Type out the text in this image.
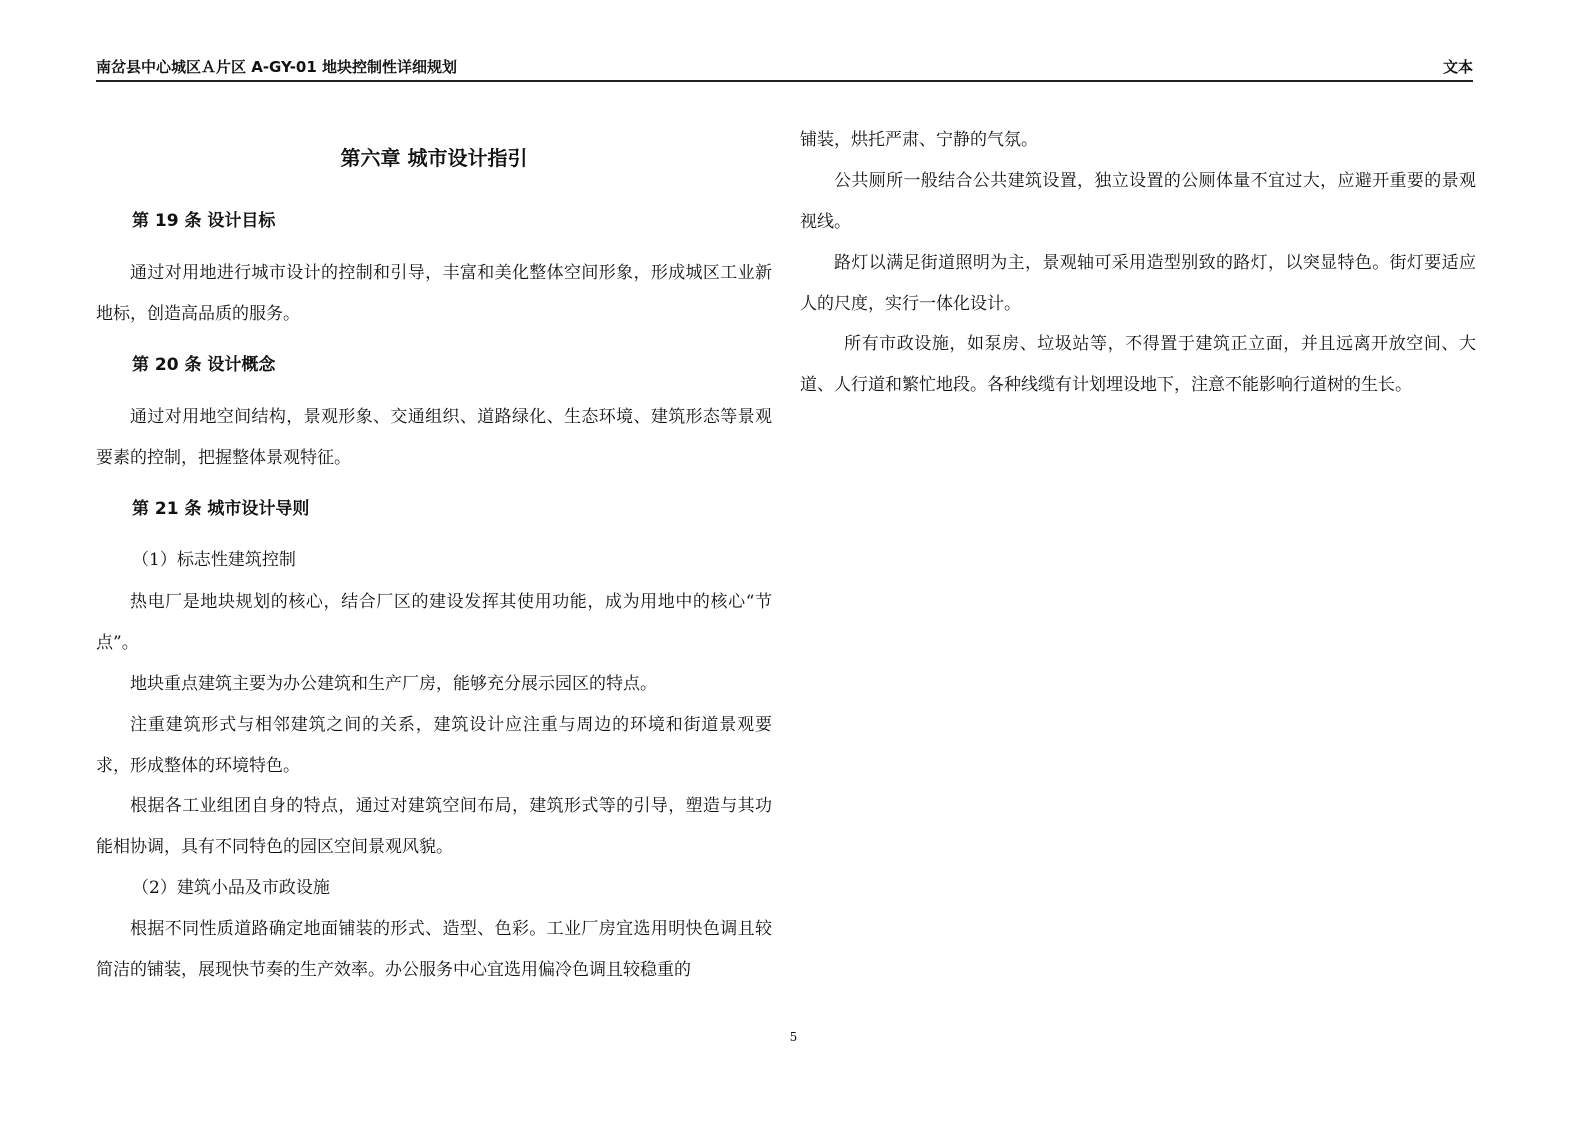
南岔县中心城区Ａ片区 A-GY-01 地块控制性详细规划	文本
第六章 城市设计指引
第 19 条 设计目标

通过对用地进行城市设计的控制和引导，丰富和美化整体空间形象，形成城区工业新地标，创造高品质的服务。

第 20 条 设计概念

通过对用地空间结构，景观形象、交通组织、道路绿化、生态环境、建筑形态等景观要素的控制，把握整体景观特征。

第 21 条 城市设计导则

（1）标志性建筑控制

热电厂是地块规划的核心，结合厂区的建设发挥其使用功能，成为用地中的核心“节点”。

地块重点建筑主要为办公建筑和生产厂房，能够充分展示园区的特点。

注重建筑形式与相邻建筑之间的关系，建筑设计应注重与周边的环境和街道景观要求，形成整体的环境特色。

根据各工业组团自身的特点，通过对建筑空间布局，建筑形式等的引导，塑造与其功能相协调，具有不同特色的园区空间景观风貌。

（2）建筑小品及市政设施

根据不同性质道路确定地面铺装的形式、造型、色彩。工业厂房宜选用明快色调且较简洁的铺装，展现快节奏的生产效率。办公服务中心宜选用偏冷色调且较稳重的

铺装，烘托严肃、宁静的气氛。

公共厕所一般结合公共建筑设置，独立设置的公厕体量不宜过大，应避开重要的景观视线。

路灯以满足街道照明为主，景观轴可采用造型别致的路灯，以突显特色。街灯要适应人的尺度，实行一体化设计。

所有市政设施，如泵房、垃圾站等，不得置于建筑正立面，并且远离开放空间、大道、人行道和繁忙地段。各种线缆有计划埋设地下，注意不能影响行道树的生长。

5
